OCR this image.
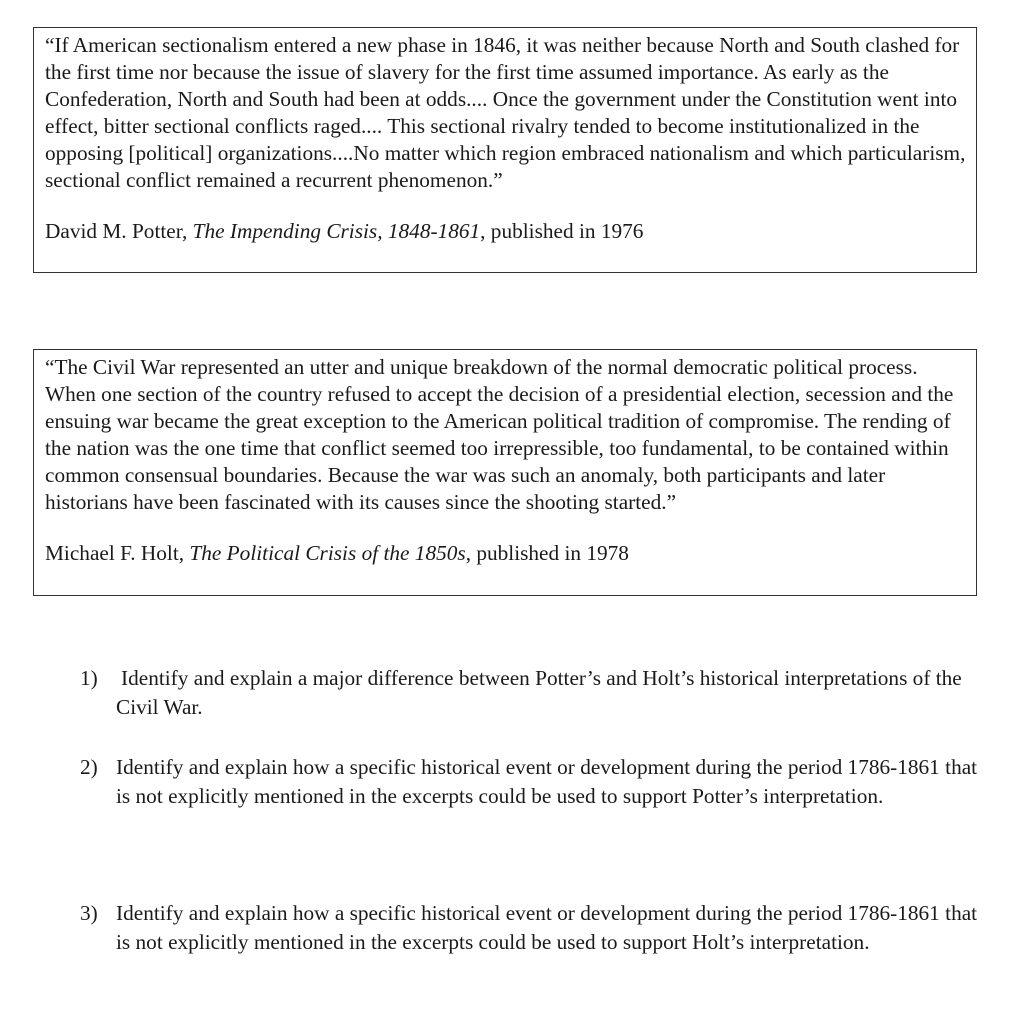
“If American sectionalism entered a new phase in 1846, it was neither because North and South clashed for the first time nor because the issue of slavery for the first time assumed importance. As early as the Confederation, North and South had been at odds.... Once the government under the Constitution went into effect, bitter sectional conflicts raged.... This sectional rivalry tended to become institutionalized in the opposing [political] organizations....No matter which region embraced nationalism and which particularism, sectional conflict remained a recurrent phenomenon.”

David M. Potter, The Impending Crisis, 1848-1861, published in 1976

“The Civil War represented an utter and unique breakdown of the normal democratic political process. When one section of the country refused to accept the decision of a presidential election, secession and the ensuing war became the great exception to the American political tradition of compromise. The rending of the nation was the one time that conflict seemed too irrepressible, too fundamental, to be contained within common consensual boundaries. Because the war was such an anomaly, both participants and later historians have been fascinated with its causes since the shooting started.”

Michael F. Holt, The Political Crisis of the 1850s, published in 1978

1)	Identify and explain a major difference between Potter’s and Holt’s historical interpretations of the Civil War.
2) Identify and explain how a specific historical event or development during the period 1786-1861 that is not explicitly mentioned in the excerpts could be used to support Potter’s interpretation.
3) Identify and explain how a specific historical event or development during the period 1786-1861 that is not explicitly mentioned in the excerpts could be used to support Holt’s interpretation.
